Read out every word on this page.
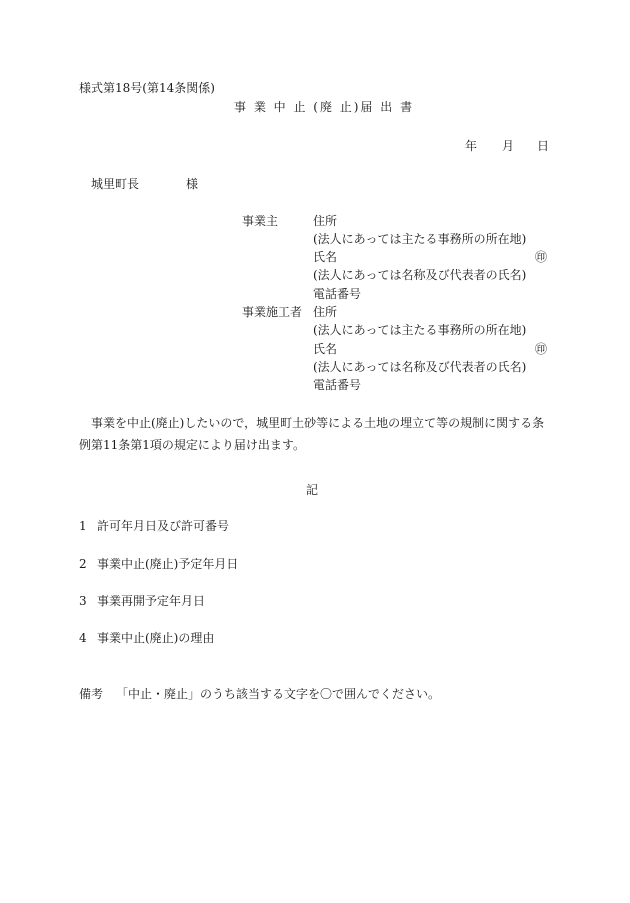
様式第18号(第14条関係)
事 業 中 止 (廃 止)届 出 書
年 月 日
城里町長	様
事業主	住所
(法人にあっては主たる事務所の所在地)
氏名	㊞
(法人にあっては名称及び代表者の氏名)
電話番号
事業施工者 住所
(法人にあっては主たる事務所の所在地)
氏名	㊞
(法人にあっては名称及び代表者の氏名)
電話番号
事業を中止(廃止)したいので，城里町土砂等による土地の埋立て等の規制に関する条例第11条第1項の規定により届け出ます。
記
1 許可年月日及び許可番号
2 事業中止(廃止)予定年月日
3 事業再開予定年月日
4 事業中止(廃止)の理由
備考 「中止・廃止」のうち該当する文字を〇で囲んでください。
